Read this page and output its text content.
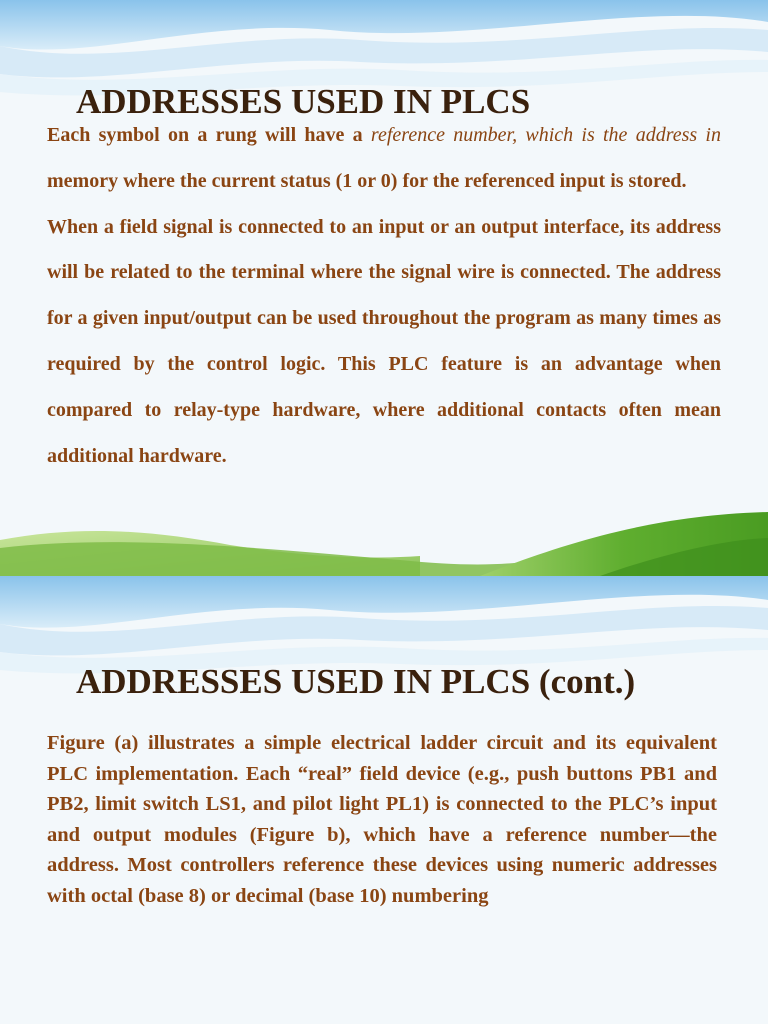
ADDRESSES USED IN PLCS

Each symbol on a rung will have a reference number, which is the address in memory where the current status (1 or 0) for the referenced input is stored.

When a field signal is connected to an input or an output interface, its address will be related to the terminal where the signal wire is connected. The address for a given input/output can be used throughout the program as many times as required by the control logic. This PLC feature is an advantage when compared to relay-type hardware, where additional contacts often mean additional hardware.

ADDRESSES USED IN PLCS (cont.)

Figure (a) illustrates a simple electrical ladder circuit and its equivalent PLC implementation. Each “real” field device (e.g., push buttons PB1 and PB2, limit switch LS1, and pilot light PL1) is connected to the PLC’s input and output modules (Figure b), which have a reference number—the address. Most controllers reference these devices using numeric addresses with octal (base 8) or decimal (base 10) numbering
